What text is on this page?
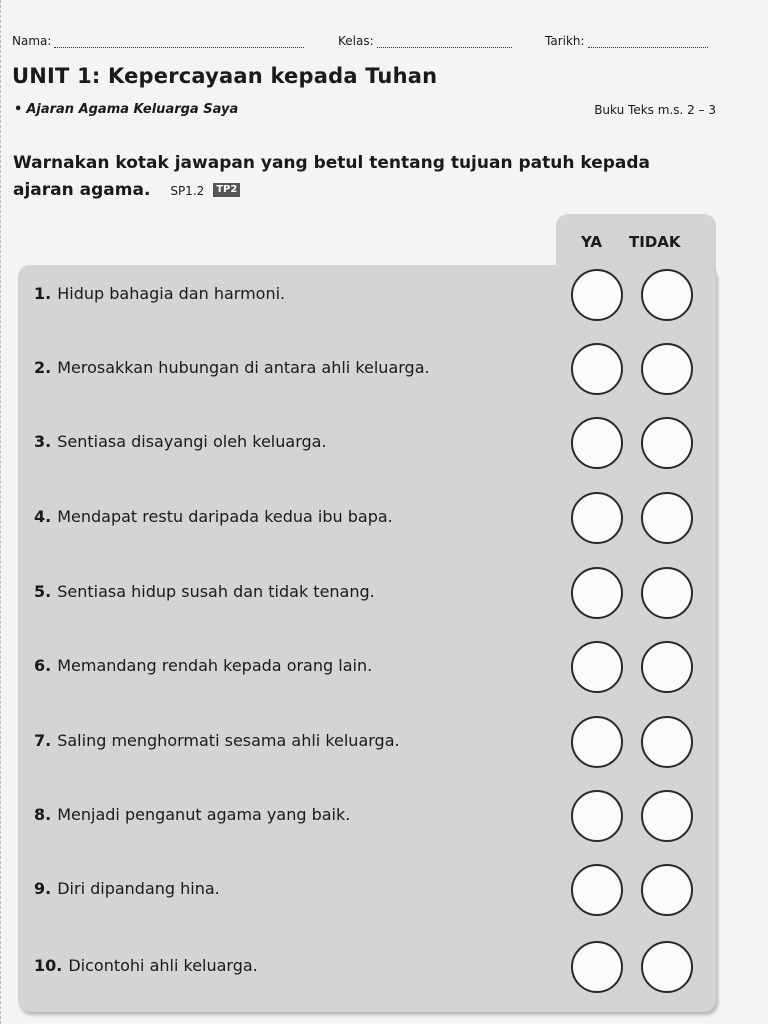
Nama:	Kelas:	Tarikh:
UNIT 1: Kepercayaan kepada Tuhan
• Ajaran Agama Keluarga Saya	Buku Teks m.s. 2 – 3
Warnakan kotak jawapan yang betul tentang tujuan patuh kepada ajaran agama. SP1.2 TP2
YA TIDAK
1. Hidup bahagia dan harmoni.
2. Merosakkan hubungan di antara ahli keluarga.
3. Sentiasa disayangi oleh keluarga.
4. Mendapat restu daripada kedua ibu bapa.
5. Sentiasa hidup susah dan tidak tenang.
6. Memandang rendah kepada orang lain.
7. Saling menghormati sesama ahli keluarga.
8. Menjadi penganut agama yang baik.
9. Diri dipandang hina.
10. Dicontohi ahli keluarga.
